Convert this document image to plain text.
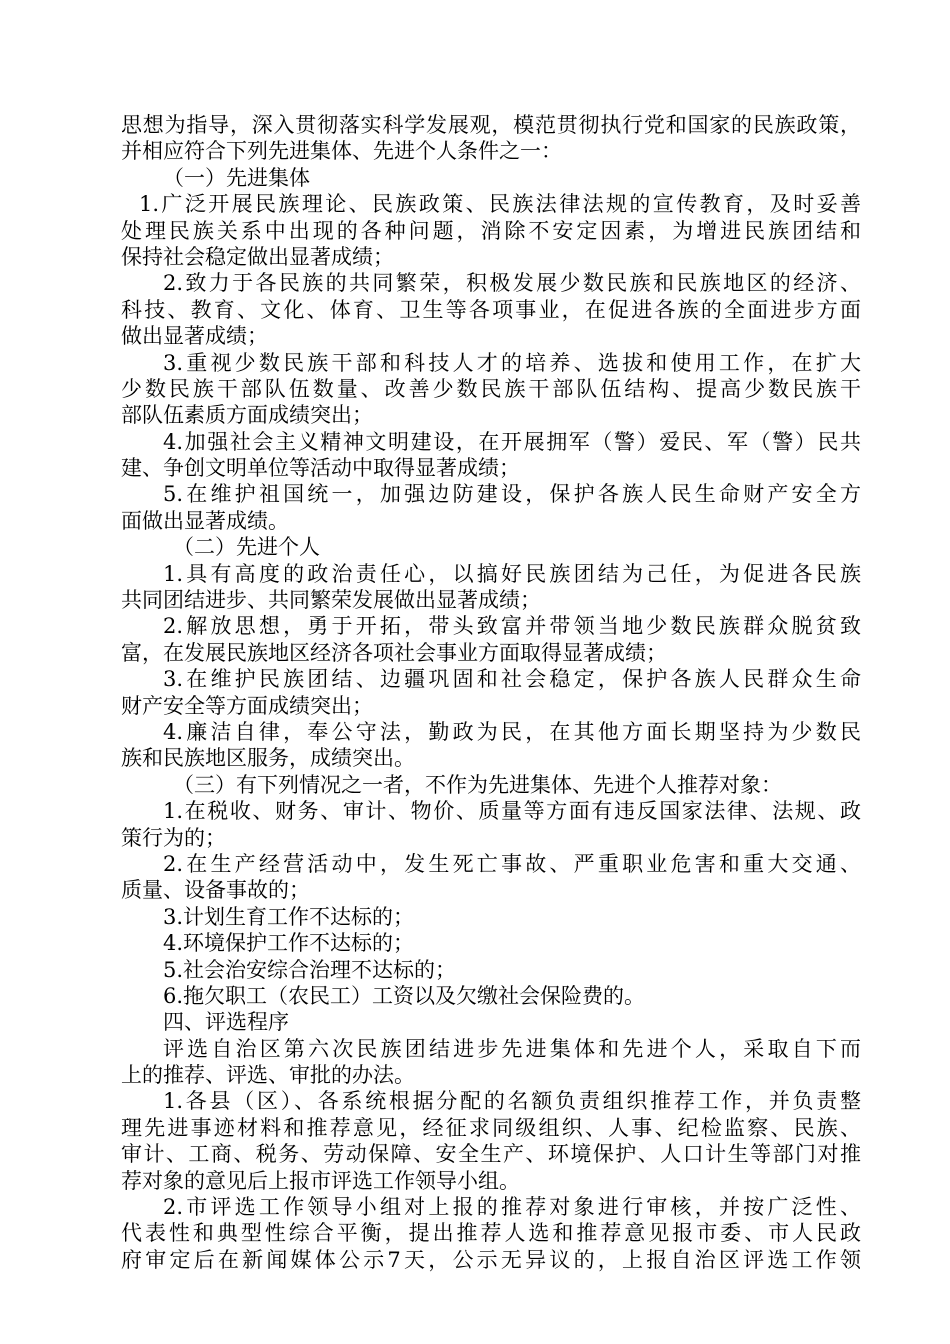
思想为指导，深入贯彻落实科学发展观，模范贯彻执行党和国家的民族政策，
并相应符合下列先进集体、先进个人条件之一：
（一）先进集体
1.广泛开展民族理论、民族政策、民族法律法规的宣传教育，及时妥善
处理民族关系中出现的各种问题，消除不安定因素，为增进民族团结和
保持社会稳定做出显著成绩；
2.致力于各民族的共同繁荣，积极发展少数民族和民族地区的经济、
科技、教育、文化、体育、卫生等各项事业，在促进各族的全面进步方面
做出显著成绩；
3.重视少数民族干部和科技人才的培养、选拔和使用工作，在扩大
少数民族干部队伍数量、改善少数民族干部队伍结构、提高少数民族干
部队伍素质方面成绩突出；
4.加强社会主义精神文明建设，在开展拥军（警）爱民、军（警）民共
建、争创文明单位等活动中取得显著成绩；
5.在维护祖国统一，加强边防建设，保护各族人民生命财产安全方
面做出显著成绩。
（二）先进个人
1.具有高度的政治责任心，以搞好民族团结为己任，为促进各民族
共同团结进步、共同繁荣发展做出显著成绩；
2.解放思想，勇于开拓，带头致富并带领当地少数民族群众脱贫致
富，在发展民族地区经济各项社会事业方面取得显著成绩；
3.在维护民族团结、边疆巩固和社会稳定，保护各族人民群众生命
财产安全等方面成绩突出；
4.廉洁自律，奉公守法，勤政为民，在其他方面长期坚持为少数民
族和民族地区服务，成绩突出。
（三）有下列情况之一者，不作为先进集体、先进个人推荐对象：
1.在税收、财务、审计、物价、质量等方面有违反国家法律、法规、政
策行为的；
2.在生产经营活动中，发生死亡事故、严重职业危害和重大交通、
质量、设备事故的；
3.计划生育工作不达标的；
4.环境保护工作不达标的；
5.社会治安综合治理不达标的；
6.拖欠职工（农民工）工资以及欠缴社会保险费的。
四、评选程序
评选自治区第六次民族团结进步先进集体和先进个人，采取自下而
上的推荐、评选、审批的办法。
1.各县（区）、各系统根据分配的名额负责组织推荐工作，并负责整
理先进事迹材料和推荐意见，经征求同级组织、人事、纪检监察、民族、
审计、工商、税务、劳动保障、安全生产、环境保护、人口计生等部门对推
荐对象的意见后上报市评选工作领导小组。
2.市评选工作领导小组对上报的推荐对象进行审核，并按广泛性、
代表性和典型性综合平衡，提出推荐人选和推荐意见报市委、市人民政
府审定后在新闻媒体公示7天，公示无异议的，上报自治区评选工作领
